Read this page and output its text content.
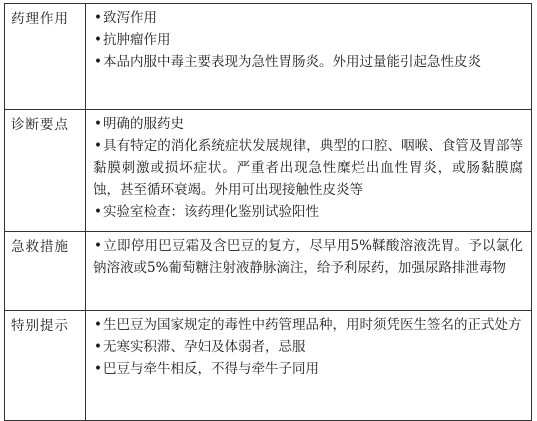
药理作用	•致泻作用
•抗肿瘤作用
•本品内服中毒主要表现为急性胃肠炎。外用过量能引起急性皮炎

诊断要点	•明确的服药史
•具有特定的消化系统症状发展规律，典型的口腔、咽喉、食管及胃部等黏膜刺激或损坏症状。严重者出现急性糜烂出血性胃炎，或肠黏膜腐蚀，甚至循环衰竭。外用可出现接触性皮炎等
•实验室检查：该药理化鉴别试验阳性

急救措施	•立即停用巴豆霜及含巴豆的复方，尽早用5%鞣酸溶液洗胃。予以氯化钠溶液或5%葡萄糖注射液静脉滴注，给予利尿药，加强尿路排泄毒物

特别提示	•生巴豆为国家规定的毒性中药管理品种，用时须凭医生签名的正式处方
•无寒实积滞、孕妇及体弱者，忌服
•巴豆与牵牛相反，不得与牵牛子同用
